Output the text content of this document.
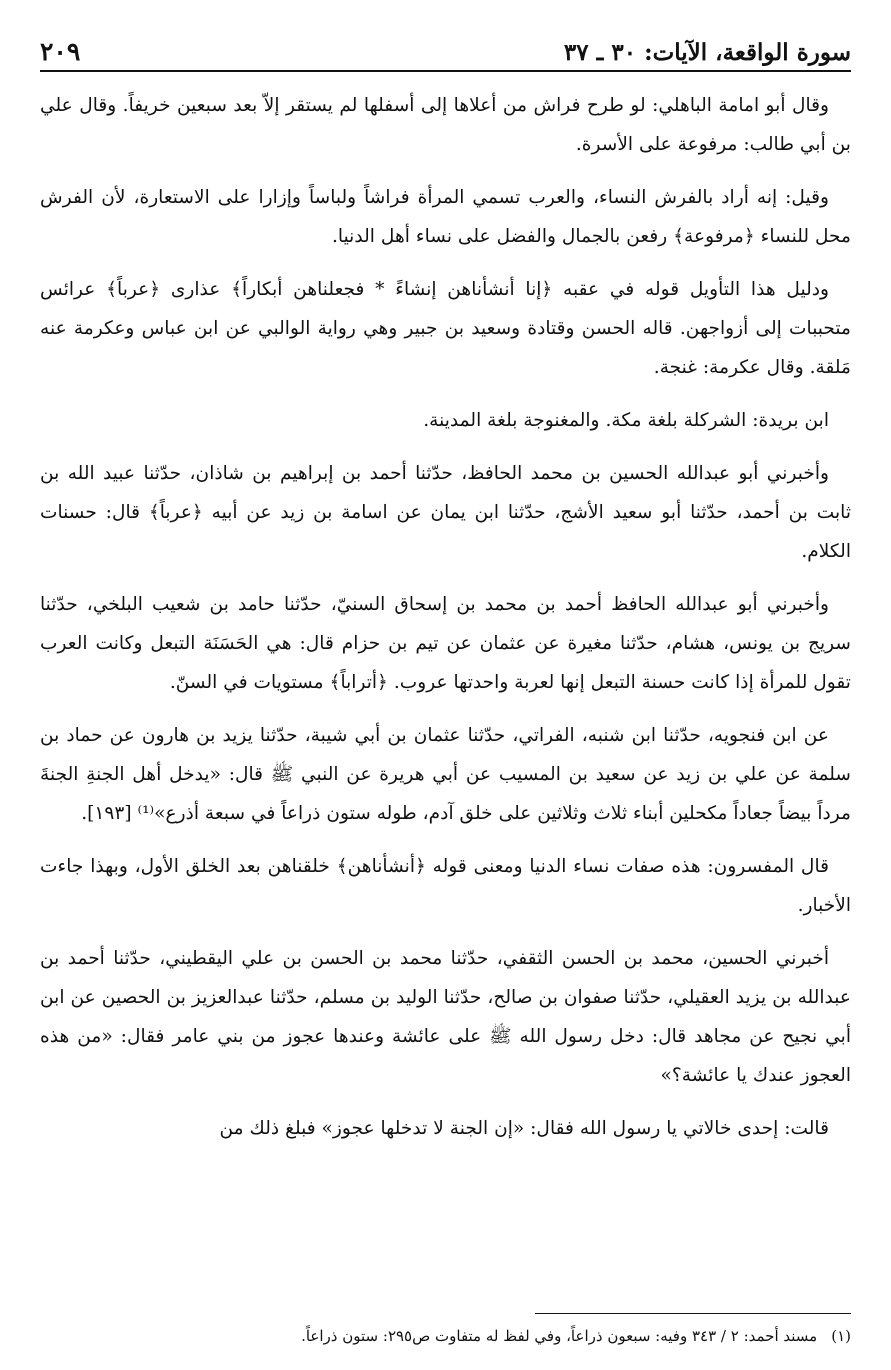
سورة الواقعة، الآيات: ٣٠ ـ ٣٧
٢٠٩

وقال أبو امامة الباهلي: لو طرح فراش من أعلاها إلى أسفلها لم يستقر إلاّ بعد سبعين خريفاً. وقال علي بن أبي طالب: مرفوعة على الأسرة.

وقيل: إنه أراد بالفرش النساء، والعرب تسمي المرأة فراشاً ولباساً وإزارا على الاستعارة، لأن الفرش محل للنساء ﴿مرفوعة﴾ رفعن بالجمال والفضل على نساء أهل الدنيا.

ودليل هذا التأويل قوله في عقبه ﴿إنا أنشأناهن إنشاءً * فجعلناهن أبكاراً﴾ عذارى ﴿عرباً﴾ عرائس متحببات إلى أزواجهن. قاله الحسن وقتادة وسعيد بن جبير وهي رواية الوالبي عن ابن عباس وعكرمة عنه مَلقة. وقال عكرمة: غنجة.

ابن بريدة: الشركلة بلغة مكة. والمغنوجة بلغة المدينة.

وأخبرني أبو عبدالله الحسين بن محمد الحافظ، حدّثنا أحمد بن إبراهيم بن شاذان، حدّثنا عبيد الله بن ثابت بن أحمد، حدّثنا أبو سعيد الأشج، حدّثنا ابن يمان عن اسامة بن زيد عن أبيه ﴿عرباً﴾ قال: حسنات الكلام.

وأخبرني أبو عبدالله الحافظ أحمد بن محمد بن إسحاق السنيّ، حدّثنا حامد بن شعيب البلخي، حدّثنا سريج بن يونس، هشام، حدّثنا مغيرة عن عثمان عن تيم بن حزام قال: هي الحَسَنَة التبعل وكانت العرب تقول للمرأة إذا كانت حسنة التبعل إنها لعربة واحدتها عروب. ﴿أتراباً﴾ مستويات في السنّ.

عن ابن فنجويه، حدّثنا ابن شنبه، الفراتي، حدّثنا عثمان بن أبي شيبة، حدّثنا يزيد بن هارون عن حماد بن سلمة عن علي بن زيد عن سعيد بن المسيب عن أبي هريرة عن النبي ﷺ قال: «يدخل أهل الجنةِ الجنةَ مرداً بيضاً جعاداً مكحلين أبناء ثلاث وثلاثين على خلق آدم، طوله ستون ذراعاً في سبعة أذرع»⁽¹⁾ [١٩٣].

قال المفسرون: هذه صفات نساء الدنيا ومعنى قوله ﴿أنشأناهن﴾ خلقناهن بعد الخلق الأول، وبهذا جاءت الأخبار.

أخبرني الحسين، محمد بن الحسن الثقفي، حدّثنا محمد بن الحسن بن علي اليقطيني، حدّثنا أحمد بن عبدالله بن يزيد العقيلي، حدّثنا صفوان بن صالح، حدّثنا الوليد بن مسلم، حدّثنا عبدالعزيز بن الحصين عن ابن أبي نجيح عن مجاهد قال: دخل رسول الله ﷺ على عائشة وعندها عجوز من بني عامر فقال: «من هذه العجوز عندك يا عائشة؟»

قالت: إحدى خالاتي يا رسول الله فقال: «إن الجنة لا تدخلها عجوز» فبلغ ذلك من

(١)مسند أحمد: ٢ / ٣٤٣ وفيه: سبعون ذراعاً، وفي لفظ له متفاوت ص٢٩٥: ستون ذراعاً.
